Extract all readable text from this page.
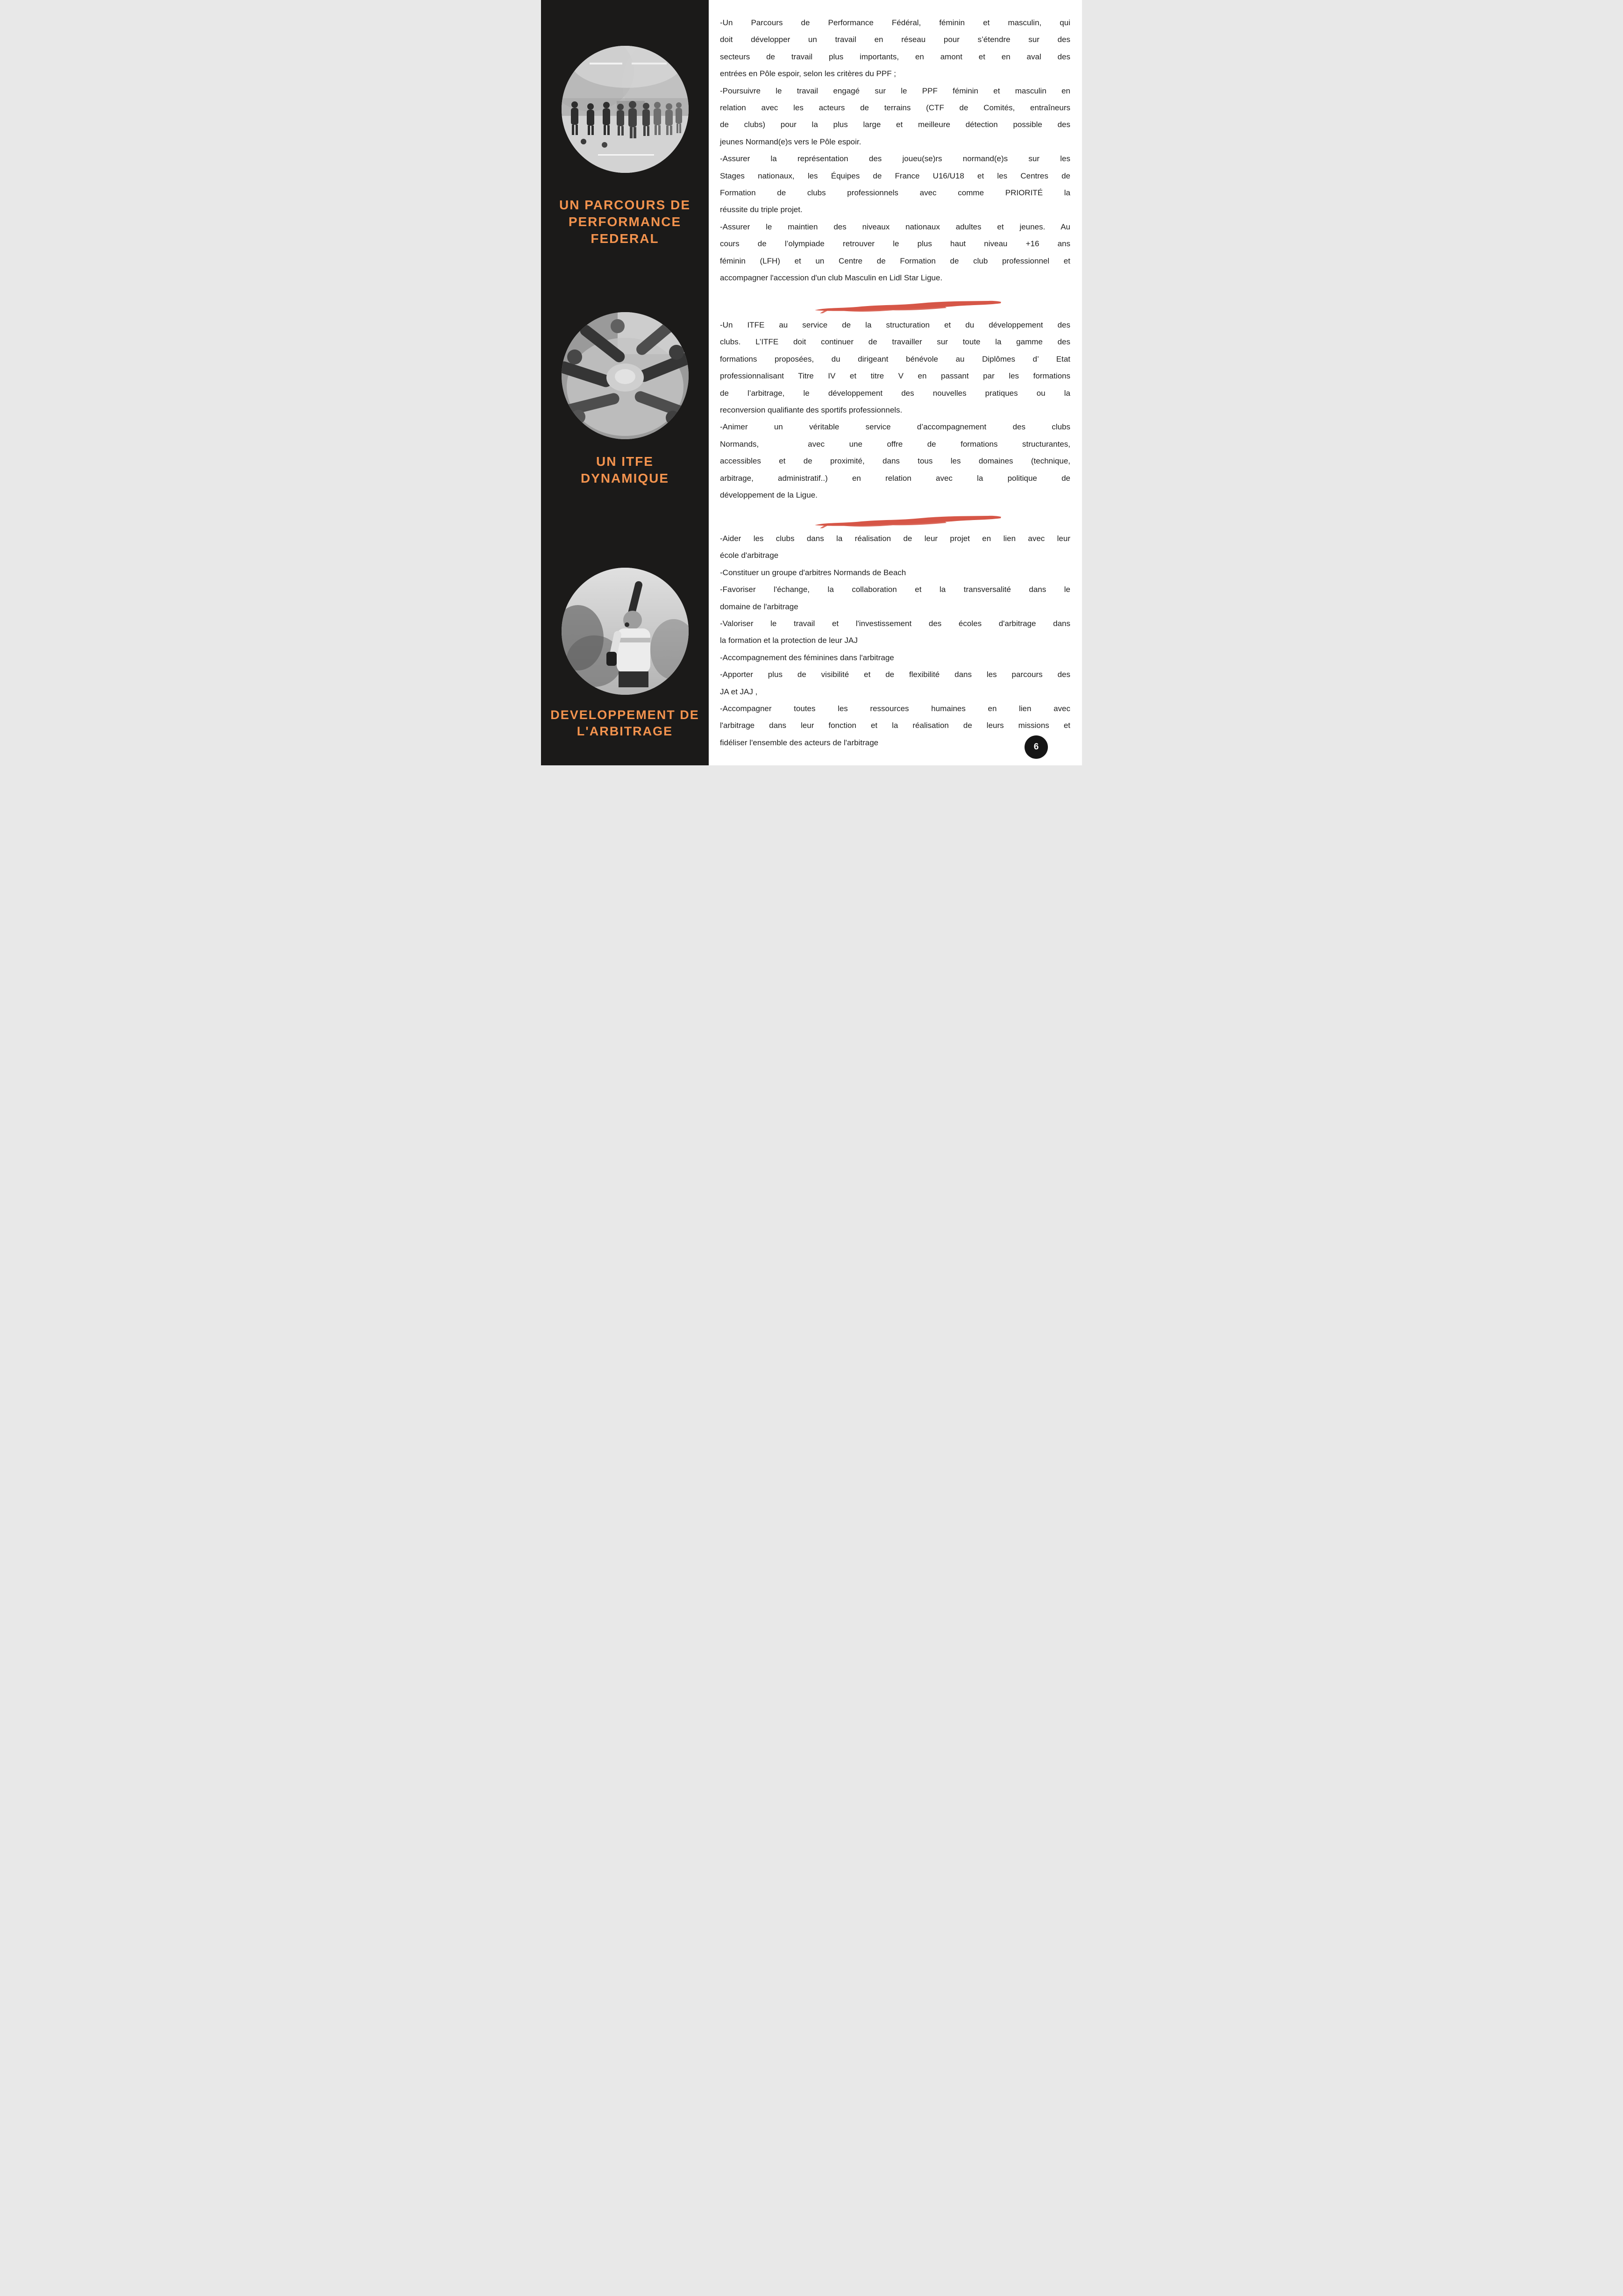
UN PARCOURS DE PERFORMANCE FEDERAL
UN ITFE DYNAMIQUE
DEVELOPPEMENT DE L'ARBITRAGE

-Un Parcours de Performance Fédéral, féminin et masculin, qui
doit développer un travail en réseau pour s’étendre sur des
secteurs de travail plus importants, en amont et en aval des
entrées en Pôle espoir, selon les critères du PPF ;

-Poursuivre le travail engagé sur le PPF féminin et masculin en
relation avec les acteurs de terrains (CTF de Comités, entraîneurs
de clubs) pour la plus large et meilleure détection possible des
jeunes Normand(e)s vers le Pôle espoir.

-Assurer la représentation des joueu(se)rs normand(e)s sur les
Stages nationaux, les Équipes de France U16/U18 et les Centres de
Formation de clubs professionnels avec comme PRIORITÉ la
réussite du triple projet.

-Assurer le maintien des niveaux nationaux adultes et jeunes. Au
cours de l’olympiade retrouver le plus haut niveau +16 ans
féminin (LFH) et un Centre de Formation de club professionnel et
accompagner l'accession d'un club Masculin en Lidl Star Ligue.

-Un ITFE au service de la structuration et du développement des
clubs. L’ITFE doit continuer de travailler sur toute la gamme des
formations proposées, du dirigeant bénévole au Diplômes d’ Etat
professionnalisant Titre IV et titre V en passant par les formations
de l’arbitrage, le développement des nouvelles pratiques ou la
reconversion qualifiante des sportifs professionnels.

-Animer un véritable service d’accompagnement des clubs
Normands,  avec une offre de formations structurantes,
accessibles et de proximité, dans tous les domaines (technique,
arbitrage, administratif..) en relation avec la politique de
développement de la Ligue.

-Aider les clubs dans la réalisation de leur projet en lien avec leur
école d'arbitrage

-Constituer un groupe d'arbitres Normands de Beach

-Favoriser l'échange, la collaboration et la transversalité dans le
domaine de l'arbitrage

-Valoriser le travail et l'investissement des écoles d'arbitrage dans
la formation et la protection de leur JAJ

-Accompagnement des féminines dans l'arbitrage

-Apporter plus de visibilité et de flexibilité dans les parcours des
JA et JAJ ,

-Accompagner toutes les ressources humaines en lien avec
l'arbitrage dans leur fonction et la réalisation de leurs missions et
fidéliser l'ensemble des acteurs de l'arbitrage	6
